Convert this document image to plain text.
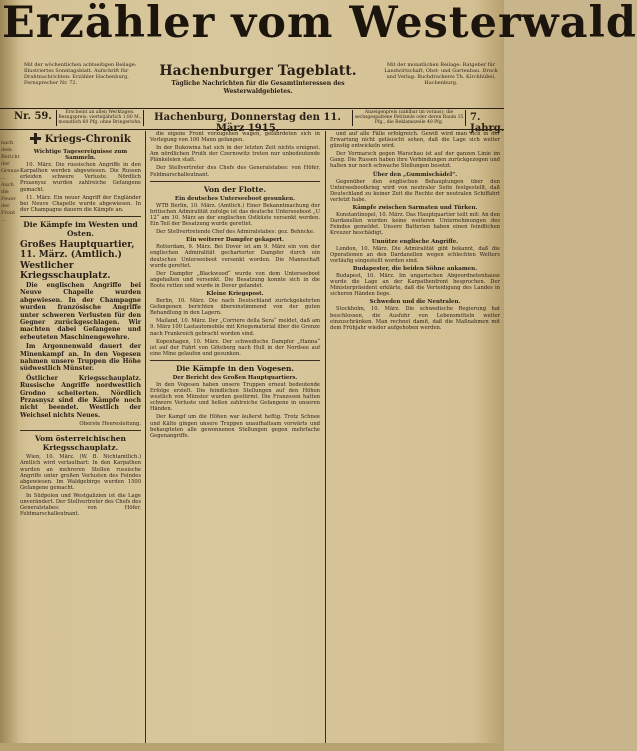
nach dem Bericht der Grenze ... Auch die Feuer der Front ...
Erzähler vom Westerwald
Mit der wöchentlichen achtseitigen Beilage: Illustriertes Sonntagsblatt. Aufschrift für Drahtnachrichten: Erzähler Hachenburg. Fernsprecher Nr. 72.
Hachenburger Tageblatt.
Tägliche Nachrichten für die Gesamtinteressen des Westerwaldgebietes.
Mit der monatlichen Beilage: Ratgeber für Landwirtschaft, Obst- und Gartenbau. Druck und Verlag: Buchdruckerei Th. Kirchhübel, Hachenburg.
Nr. 59.	Erscheint an allen Werktagen. Bezugspreis: vierteljährlich 1,80 M., monatlich 60 Pfg. ohne Bringerlohn.	Hachenburg, Donnerstag den 11. März 1915.
Anzeigenpreis (zahlbar im voraus): die sechsgespaltene Petitzeile oder deren Raum 15 Pfg., die Reklamezeile 40 Pfg.	7. Jahrg.
Kriegs-Chronik
Wichtige Tagesereignisse zum Sammeln.

10. März. Die russischen Angriffe in den Karpathen werden abgewiesen. Die Russen erleiden schwere Verluste. Nördlich Przasnysz wurden zahlreiche Gefangene gemacht.

11. März. Ein neuer Angriff der Engländer bei Neuve Chapelle wurde abgewiesen. In der Champagne dauern die Kämpfe an.

Die Kämpfe im Westen und Osten.

Großes Hauptquartier, 11. März. (Amtlich.) Westlicher Kriegsschauplatz.

Die englischen Angriffe bei Neuve Chapelle wurden abgewiesen. In der Champagne wurden französische Angriffe unter schweren Verlusten für den Gegner zurückgeschlagen. Wir machten dabei Gefangene und erbeuteten Maschinengewehre.

Im Argonnenwald dauert der Minenkampf an. In den Vogesen nahmen unsere Truppen die Höhe südwestlich Münster.

Östlicher Kriegsschauplatz. Russische Angriffe nordwestlich Grodno scheiterten. Nördlich Przasnysz sind die Kämpfe noch nicht beendet. Westlich der Weichsel nichts Neues.

Oberste Heeresleitung.

Vom österreichischen Kriegsschauplatz.

Wien, 10. März. (W. B. Nichtamtlich.) Amtlich wird verlautbart: In den Karpathen wurden an mehreren Stellen russische Angriffe unter großen Verlusten des Feindes abgewiesen. Im Waldgebirge wurden 1500 Gefangene gemacht.

In Südpolen und Westgalizien ist die Lage unverändert. Der Stellvertreter des Chefs des Generalstabes: von Höfer, Feldmarschalleutnant.

die eigene Front vorzugehen wagen, gefährdeten sich in Verlegung von 100 Mann gefangen.

In der Bukowina hat sich in der letzten Zeit nichts ereignet. Am nördlichen Pruth der Czernowitz treten nur unbedeutende Plänkeleien statt.

Der Stellvertreter des Chefs des Generalstabes: von Höfer, Feldmarschalleutnant.

Von der Flotte.
Ein deutsches Unterseeboot gesunken.

WTB Berlin, 10. März. (Amtlich.) Einer Bekanntmachung der britischen Admiralität zufolge ist das deutsche Unterseeboot „U 12“ am 10. März an der englischen Ostküste versenkt worden. Ein Teil der Besatzung wurde gerettet.

Der Stellvertretende Chef des Admiralstabes: gez. Behncke.

Ein weiterer Dampfer gekapert.

Rotterdam, 9. März. Bei Dover ist am 9. März ein von der englischen Admiralität gecharterter Dampfer durch ein deutsches Unterseeboot versenkt worden. Die Mannschaft wurde gerettet.

Der Dampfer „Blackwood“ wurde von dem Unterseeboot angehalten und versenkt. Die Besatzung konnte sich in die Boote retten und wurde in Dover gelandet.

Kleine Kriegspost.

Berlin, 10. März. Die nach Deutschland zurückgekehrten Gefangenen berichten übereinstimmend von der guten Behandlung in den Lagern.

Mailand, 10. März. Der „Corriere della Sera“ meldet, daß am 9. März 100 Lastautomobile mit Kriegsmaterial über die Grenze nach Frankreich gebracht worden sind.

Kopenhagen, 10. März. Der schwedische Dampfer „Hanna“ ist auf der Fahrt von Göteborg nach Hull in der Nordsee auf eine Mine gelaufen und gesunken.

Die Kämpfe in den Vogesen.
Der Bericht des Großen Hauptquartiers.

In den Vogesen haben unsere Truppen erneut bedeutende Erfolge erzielt. Die feindlichen Stellungen auf den Höhen westlich von Münster wurden gestürmt. Die Franzosen hatten schwere Verluste und ließen zahlreiche Gefangene in unseren Händen.

Der Kampf um die Höhen war äußerst heftig. Trotz Schnee und Kälte gingen unsere Truppen unaufhaltsam vorwärts und behaupteten alle gewonnenen Stellungen gegen mehrfache Gegenangriffe.

und auf alle Fälle erfolgreich. Gewiß wird man sich in der Erwartung nicht getäuscht sehen, daß die Lage sich weiter günstig entwickeln wird.

Der Vormarsch gegen Warschau ist auf der ganzen Linie im Gang. Die Russen haben ihre Verbindungen zurückgezogen und halten nur noch schwache Stellungen besetzt.

Über den „Gummischädel“.

Gegenüber den englischen Behauptungen über den Unterseebootkrieg wird von neutraler Seite festgestellt, daß Deutschland zu keiner Zeit die Rechte der neutralen Schiffahrt verletzt habe.

Kämpfe zwischen Sarmaten und Türken.

Konstantinopel, 10. März. Das Hauptquartier teilt mit: An den Dardanellen wurden keine weiteren Unternehmungen des Feindes gemeldet. Unsere Batterien haben einen feindlichen Kreuzer beschädigt.

Unnütze englische Angriffe.

London, 10. März. Die Admiralität gibt bekannt, daß die Operationen an den Dardanellen wegen schlechten Wetters vorläufig eingestellt worden sind.

Budapester, die beiden Söhne ankamen.

Budapest, 10. März. Im ungarischen Abgeordnetenhause wurde die Lage an der Karpathenfront besprochen. Der Ministerpräsident erklärte, daß die Verteidigung des Landes in sicheren Händen liege.

Schweden und die Neutralen.

Stockholm, 10. März. Die schwedische Regierung hat beschlossen, die Ausfuhr von Lebensmitteln weiter einzuschränken. Man rechnet damit, daß die Maßnahmen mit dem Frühjahr wieder aufgehoben werden.
